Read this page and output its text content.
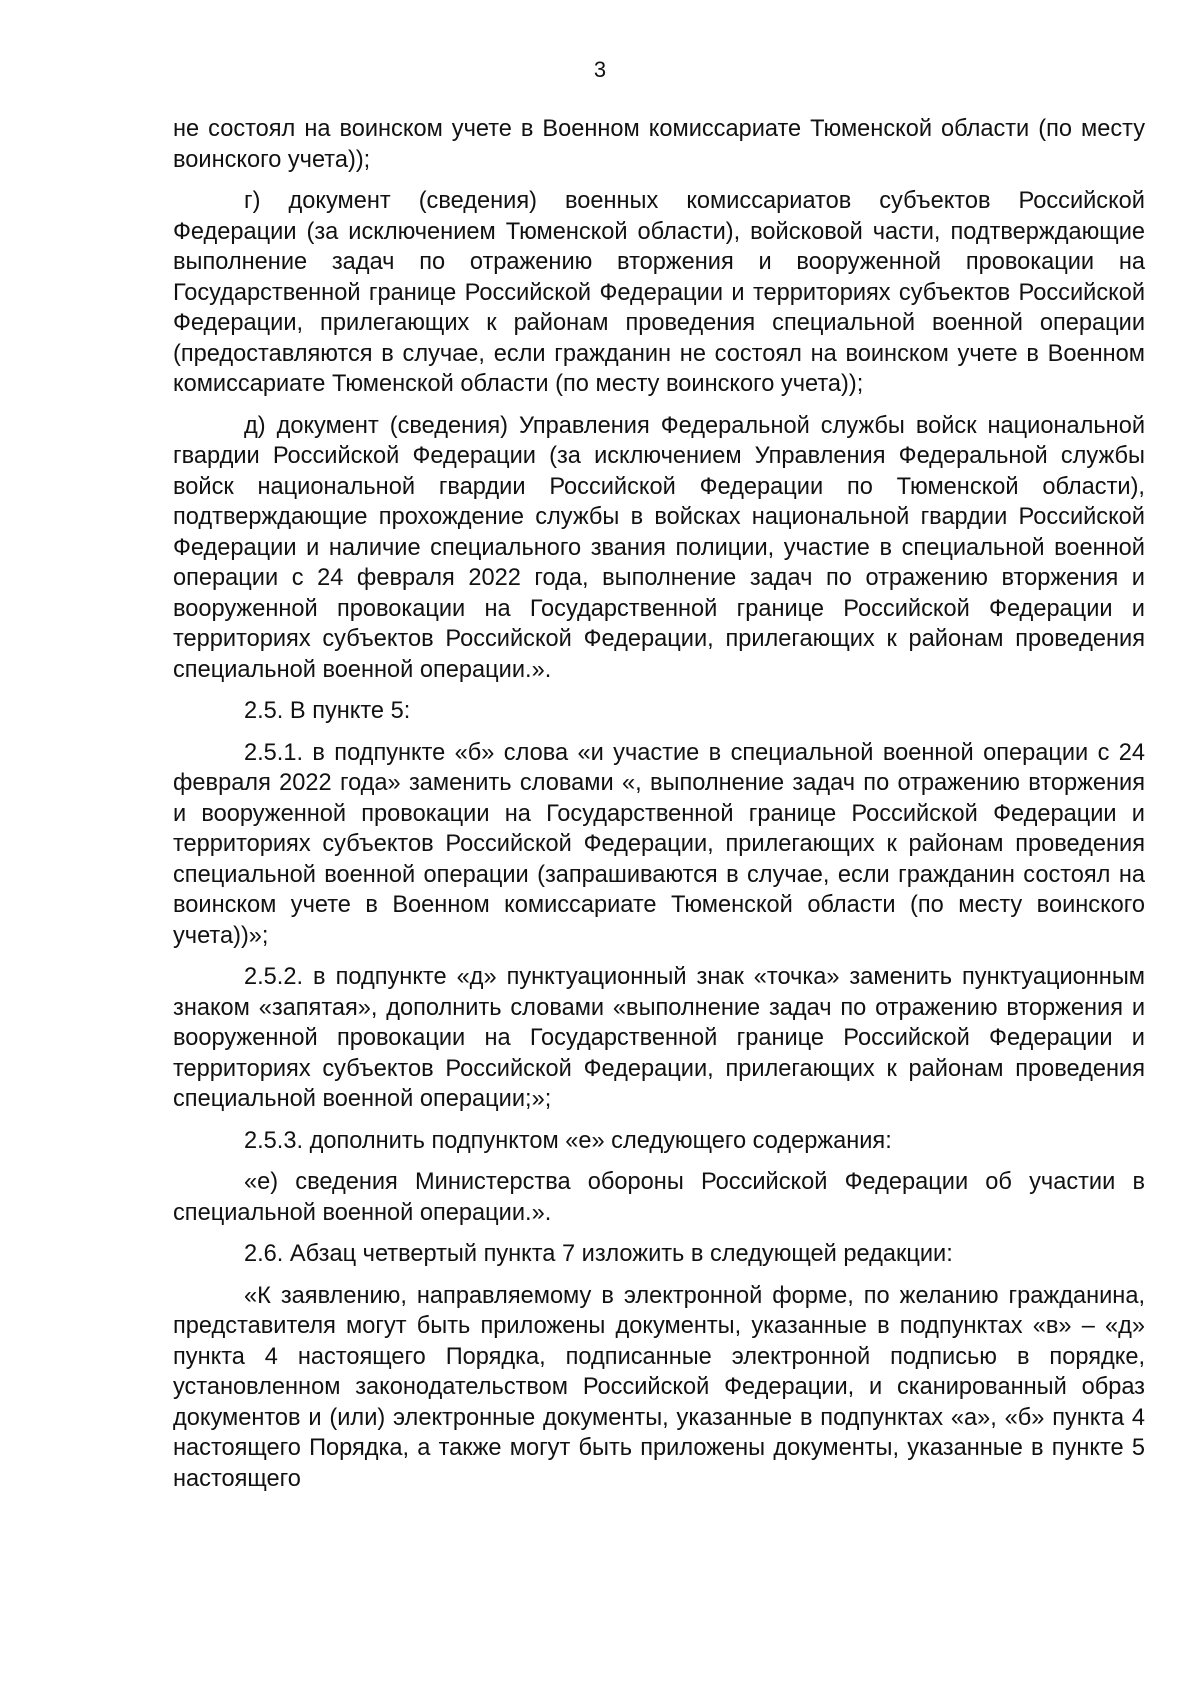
3

не состоял на воинском учете в Военном комиссариате Тюменской области (по месту воинского учета));

г) документ (сведения) военных комиссариатов субъектов Российской Федерации (за исключением Тюменской области), войсковой части, подтверждающие выполнение задач по отражению вторжения и вооруженной провокации на Государственной границе Российской Федерации и территориях субъектов Российской Федерации, прилегающих к районам проведения специальной военной операции (предоставляются в случае, если гражданин не состоял на воинском учете в Военном комиссариате Тюменской области (по месту воинского учета));

д) документ (сведения) Управления Федеральной службы войск национальной гвардии Российской Федерации (за исключением Управления Федеральной службы войск национальной гвардии Российской Федерации по Тюменской области), подтверждающие прохождение службы в войсках национальной гвардии Российской Федерации и наличие специального звания полиции, участие в специальной военной операции с 24 февраля 2022 года, выполнение задач по отражению вторжения и вооруженной провокации на Государственной границе Российской Федерации и территориях субъектов Российской Федерации, прилегающих к районам проведения специальной военной операции.».

2.5. В пункте 5:

2.5.1. в подпункте «б» слова «и участие в специальной военной операции с 24 февраля 2022 года» заменить словами «, выполнение задач по отражению вторжения и вооруженной провокации на Государственной границе Российской Федерации и территориях субъектов Российской Федерации, прилегающих к районам проведения специальной военной операции (запрашиваются в случае, если гражданин состоял на воинском учете в Военном комиссариате Тюменской области (по месту воинского учета))»;

2.5.2. в подпункте «д» пунктуационный знак «точка» заменить пунктуационным знаком «запятая», дополнить словами «выполнение задач по отражению вторжения и вооруженной провокации на Государственной границе Российской Федерации и территориях субъектов Российской Федерации, прилегающих к районам проведения специальной военной операции;»;

2.5.3. дополнить подпунктом «е» следующего содержания:

«е) сведения Министерства обороны Российской Федерации об участии в специальной военной операции.».

2.6. Абзац четвертый пункта 7 изложить в следующей редакции:

«К заявлению, направляемому в электронной форме, по желанию гражданина, представителя могут быть приложены документы, указанные в подпунктах «в» – «д» пункта 4 настоящего Порядка, подписанные электронной подписью в порядке, установленном законодательством Российской Федерации, и сканированный образ документов и (или) электронные документы, указанные в подпунктах «а», «б» пункта 4 настоящего Порядка, а также могут быть приложены документы, указанные в пункте 5 настоящего
